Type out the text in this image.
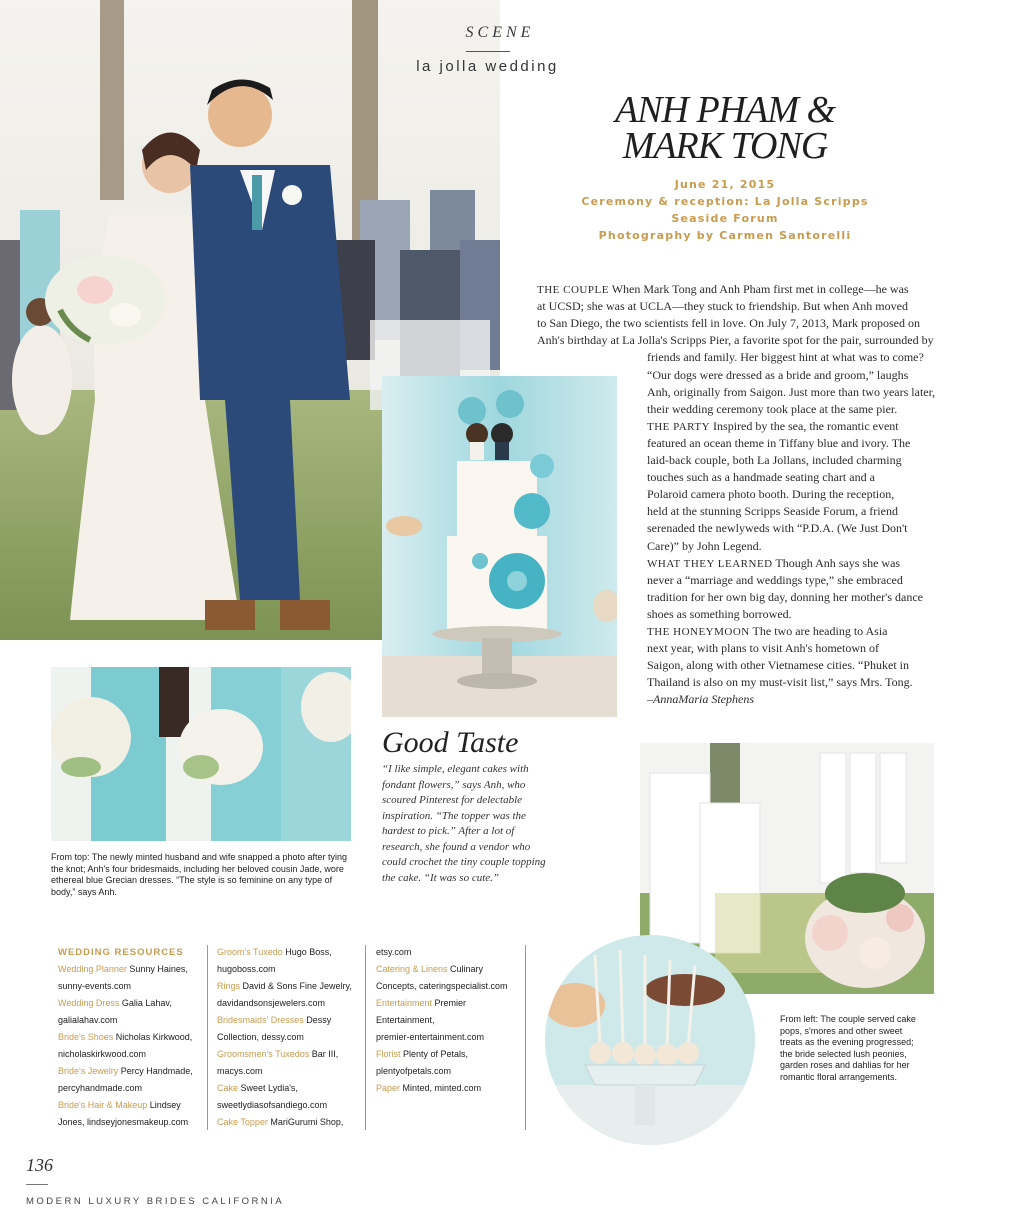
SCENE
la jolla wedding
ANH PHAM &
MARK TONG
June 21, 2015
Ceremony & reception: La Jolla Scripps
Seaside Forum
Photography by Carmen Santorelli
THE COUPLE When Mark Tong and Anh Pham first met in college—he was
at UCSD; she was at UCLA—they stuck to friendship. But when Anh moved
to San Diego, the two scientists fell in love. On July 7, 2013, Mark proposed on
Anh's birthday at La Jolla's Scripps Pier, a favorite spot for the pair, surrounded by
friends and family. Her biggest hint at what was to come?
“Our dogs were dressed as a bride and groom,” laughs
Anh, originally from Saigon. Just more than two years later,
their wedding ceremony took place at the same pier.
THE PARTY Inspired by the sea, the romantic event
featured an ocean theme in Tiffany blue and ivory. The
laid-back couple, both La Jollans, included charming
touches such as a handmade seating chart and a
Polaroid camera photo booth. During the reception,
held at the stunning Scripps Seaside Forum, a friend
serenaded the newlyweds with “P.D.A. (We Just Don't
Care)” by John Legend.
WHAT THEY LEARNED Though Anh says she was
never a “marriage and weddings type,” she embraced
tradition for her own big day, donning her mother's dance
shoes as something borrowed.
THE HONEYMOON The two are heading to Asia
next year, with plans to visit Anh's hometown of
Saigon, along with other Vietnamese cities. “Phuket in
Thailand is also on my must-visit list,” says Mrs. Tong.
–AnnaMaria Stephens
Good Taste
“I like simple, elegant cakes with fondant flowers,” says Anh, who scoured Pinterest for delectable inspiration. “The topper was the hardest to pick.” After a lot of research, she found a vendor who could crochet the tiny couple topping the cake. “It was so cute.”
From top: The newly minted husband and wife snapped a photo after tying the knot; Anh's four bridesmaids, including her beloved cousin Jade, wore ethereal blue Grecian dresses. “The style is so feminine on any type of body,” says Anh.
From left: The couple served cake pops, s'mores and other sweet treats as the evening progressed; the bride selected lush peonies, garden roses and dahlias for her romantic floral arrangements.
WEDDING RESOURCES
Wedding Planner Sunny Haines,
sunny-events.com
Wedding Dress Galia Lahav,
galialahav.com
Bride's Shoes Nicholas Kirkwood,
nicholaskirkwood.com
Bride's Jewelry Percy Handmade,
percyhandmade.com
Bride's Hair & Makeup Lindsey
Jones, lindseyjonesmakeup.com
Groom's Tuxedo Hugo Boss,
hugoboss.com
Rings David & Sons Fine Jewelry,
davidandsonsjewelers.com
Bridesmaids' Dresses Dessy
Collection, dessy.com
Groomsmen's Tuxedos Bar III,
macys.com
Cake Sweet Lydia's,
sweetlydiasofsandiego.com
Cake Topper MariGurumi Shop,
etsy.com
Catering & Linens Culinary
Concepts, cateringspecialist.com
Entertainment Premier
Entertainment,
premier-entertainment.com
Florist Plenty of Petals,
plentyofpetals.com
Paper Minted, minted.com
136
MODERN LUXURY BRIDES CALIFORNIA
